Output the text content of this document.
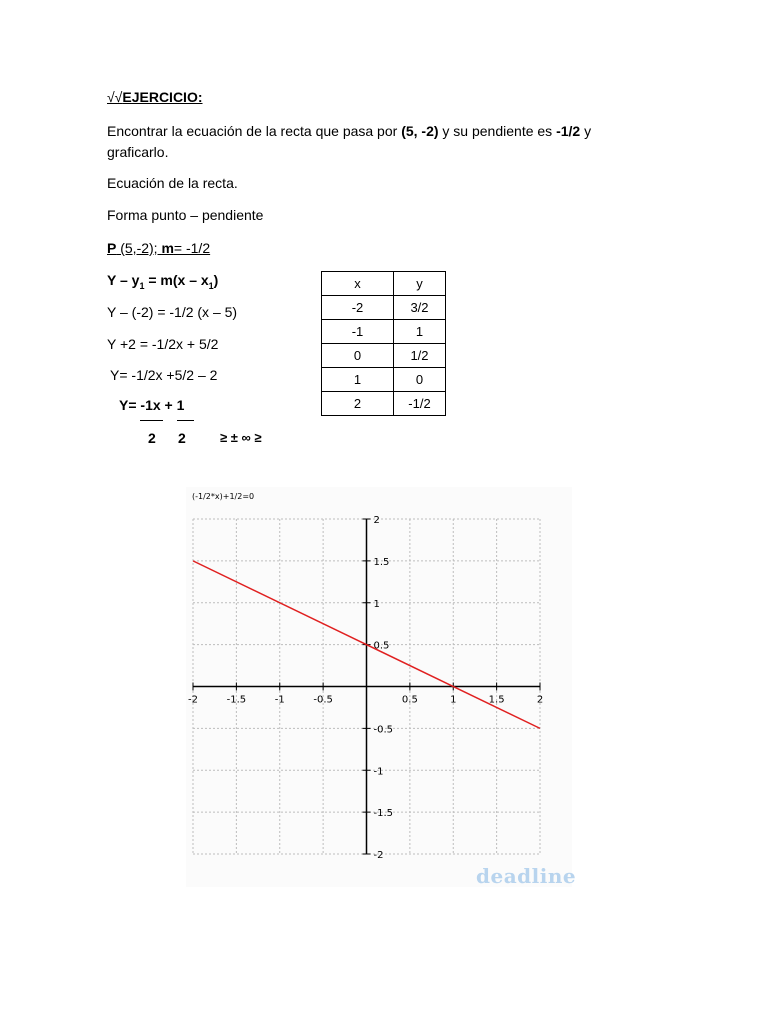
√√EJERCICIO:
Encontrar la ecuación de la recta que pasa por (5, -2) y su pendiente es -1/2 y
graficarlo.
Ecuación de la recta.
Forma punto – pendiente
P (5,-2); m= -1/2
$Y - y_1 = m(x - x_1)$
Y – (-2) = -1/2 (x – 5)
Y +2 = -1/2x + 5/2
Y= -1/2x +5/2 – 2
Y= -1x + 1
2 2	≥ ± ∞ ≥
x	y
-2	3/2
-1	1
0	1/2
1	0
2	-1/2
(-1/2*x)+1/2=0
-2	-1.5	-1	-0.5	0.5	1	1.5	2
2
1.5
1
0.5
-0.5
-1
-1.5
-2
deadline
